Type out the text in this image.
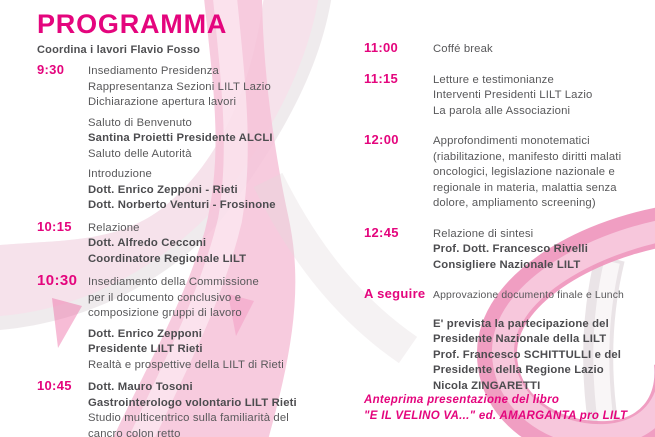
PROGRAMMA
Coordina i lavori Flavio Fosso
9:30	Insediamento Presidenza
Rappresentanza Sezioni LILT Lazio
Dichiarazione apertura lavori
Saluto di Benvenuto
Santina Proietti Presidente ALCLI
Saluto delle Autorità
Introduzione
Dott. Enrico Zepponi - Rieti
Dott. Norberto Venturi - Frosinone
10:15	Relazione
Dott. Alfredo Cecconi
Coordinatore Regionale LILT
10:30 Insediamento della Commissione
per il documento conclusivo e
composizione gruppi di lavoro
Dott. Enrico Zepponi
Presidente LILT Rieti
Realtà e prospettive della LILT di Rieti
10:45	Dott. Mauro Tosoni
Gastrointerologo volontario LILT Rieti
Studio multicentrico sulla familiarità del
cancro colon retto
11:00	Coffé break
11:15	Letture e testimonianze
Interventi Presidenti LILT Lazio
La parola alle Associazioni
12:00	Approfondimenti monotematici
(riabilitazione, manifesto diritti malati
oncologici, legislazione nazionale e
regionale in materia, malattia senza
dolore, ampliamento screening)
12:45	Relazione di sintesi
Prof. Dott. Francesco Rivelli
Consigliere Nazionale LILT
A seguire Approvazione documento finale e Lunch
E' prevista la partecipazione del
Presidente Nazionale della LILT
Prof. Francesco SCHITTULLI e del
Presidente della Regione Lazio
Nicola ZINGARETTI
Anteprima presentazione del libro
"E IL VELINO VA..." ed. AMARGANTA pro LILT
